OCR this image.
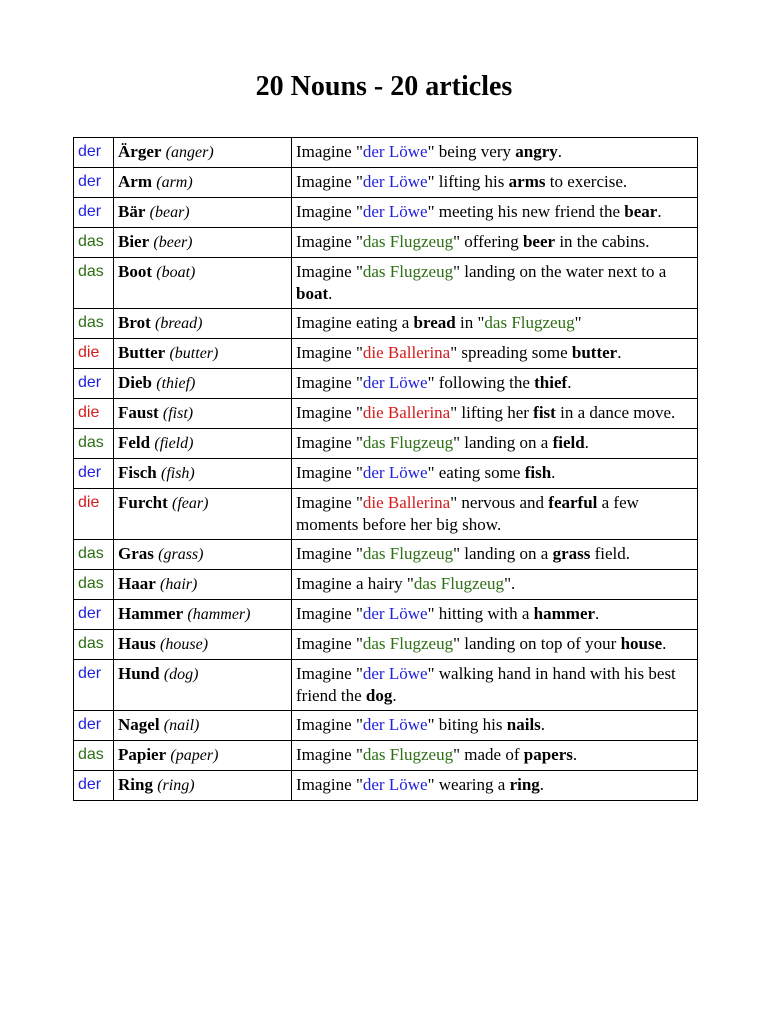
20 Nouns - 20 articles
der	Ärger (anger)	Imagine "der Löwe" being very angry.
der	Arm (arm)	Imagine "der Löwe" lifting his arms to exercise.
der	Bär (bear)	Imagine "der Löwe" meeting his new friend the bear.
das	Bier (beer)	Imagine "das Flugzeug" offering beer in the cabins.
das	Boot (boat)	Imagine "das Flugzeug" landing on the water next to a boat.
das	Brot (bread)	Imagine eating a bread in "das Flugzeug"
die	Butter (butter)	Imagine "die Ballerina" spreading some butter.
der	Dieb (thief)	Imagine "der Löwe" following the thief.
die	Faust (fist)	Imagine "die Ballerina" lifting her fist in a dance move.
das	Feld (field)	Imagine "das Flugzeug" landing on a field.
der	Fisch (fish)	Imagine "der Löwe" eating some fish.
die	Furcht (fear)	Imagine "die Ballerina" nervous and fearful a few moments before her big show.
das	Gras (grass)	Imagine "das Flugzeug" landing on a grass field.
das	Haar (hair)	Imagine a hairy "das Flugzeug".
der	Hammer (hammer)	Imagine "der Löwe" hitting with a hammer.
das	Haus (house)	Imagine "das Flugzeug" landing on top of your house.
der	Hund (dog)	Imagine "der Löwe" walking hand in hand with his best friend the dog.
der	Nagel (nail)	Imagine "der Löwe" biting his nails.
das	Papier (paper)	Imagine "das Flugzeug" made of papers.
der	Ring (ring)	Imagine "der Löwe" wearing a ring.
